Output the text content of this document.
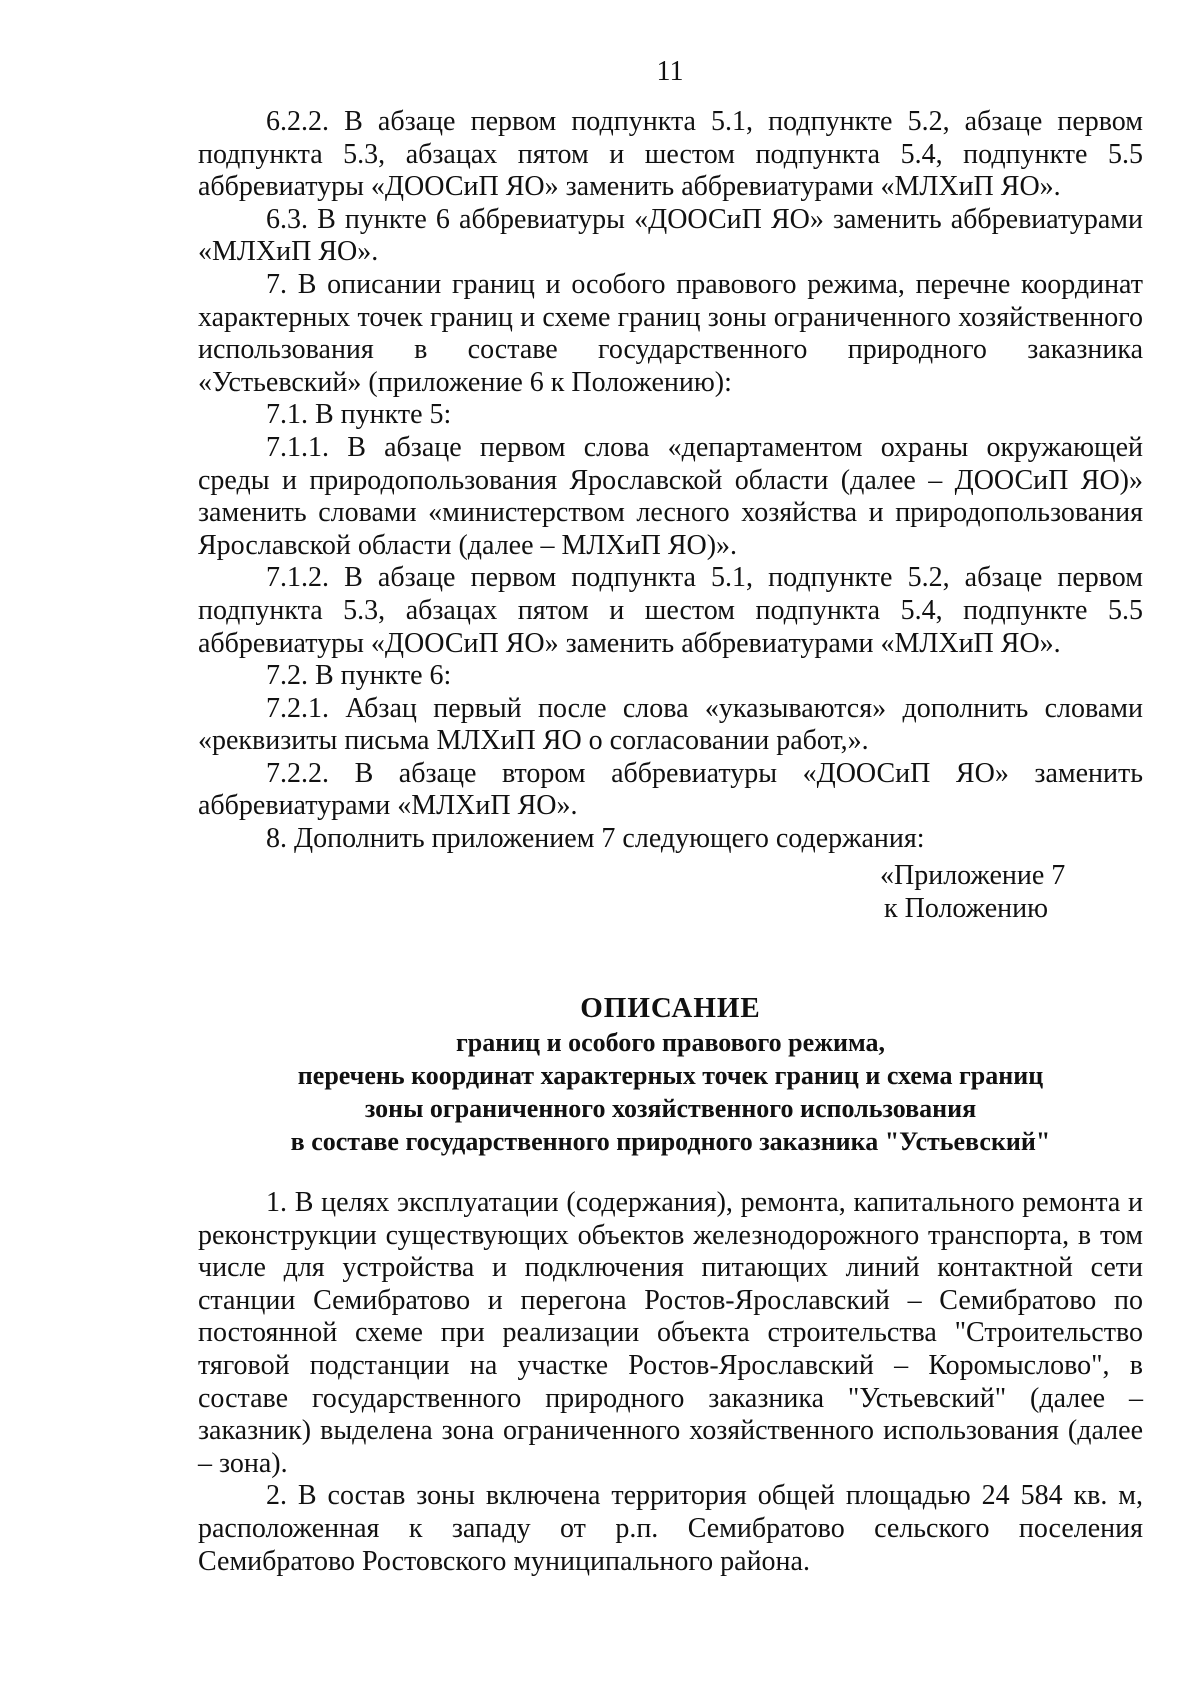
11

6.2.2. В абзаце первом подпункта 5.1, подпункте 5.2, абзаце первом подпункта 5.3, абзацах пятом и шестом подпункта 5.4, подпункте 5.5 аббревиатуры «ДООСиП ЯО» заменить аббревиатурами «МЛХиП ЯО».

6.3. В пункте 6 аббревиатуры «ДООСиП ЯО» заменить аббревиатурами «МЛХиП ЯО».

7. В описании границ и особого правового режима, перечне координат характерных точек границ и схеме границ зоны ограниченного хозяйственного использования в составе государственного природного заказника «Устьевский» (приложение 6 к Положению):

7.1. В пункте 5:

7.1.1. В абзаце первом слова «департаментом охраны окружающей среды и природопользования Ярославской области (далее – ДООСиП ЯО)» заменить словами «министерством лесного хозяйства и природопользования Ярославской области (далее – МЛХиП ЯО)».

7.1.2. В абзаце первом подпункта 5.1, подпункте 5.2, абзаце первом подпункта 5.3, абзацах пятом и шестом подпункта 5.4, подпункте 5.5 аббревиатуры «ДООСиП ЯО» заменить аббревиатурами «МЛХиП ЯО».

7.2. В пункте 6:

7.2.1. Абзац первый после слова «указываются» дополнить словами «реквизиты письма МЛХиП ЯО о согласовании работ,».

7.2.2. В абзаце втором аббревиатуры «ДООСиП ЯО» заменить аббревиатурами «МЛХиП ЯО».

8. Дополнить приложением 7 следующего содержания:

«Приложение 7
к Положению
ОПИСАНИЕ
границ и особого правового режима,
перечень координат характерных точек границ и схема границ
зоны ограниченного хозяйственного использования
в составе государственного природного заказника "Устьевский"

1. В целях эксплуатации (содержания), ремонта, капитального ремонта и реконструкции существующих объектов железнодорожного транспорта, в том числе для устройства и подключения питающих линий контактной сети станции Семибратово и перегона Ростов-Ярославский – Семибратово по постоянной схеме при реализации объекта строительства "Строительство тяговой подстанции на участке Ростов-Ярославский – Коромыслово", в составе государственного природного заказника "Устьевский" (далее – заказник) выделена зона ограниченного хозяйственного использования (далее – зона).

2. В состав зоны включена территория общей площадью 24 584 кв. м, расположенная к западу от р.п. Семибратово сельского поселения Семибратово Ростовского муниципального района.
